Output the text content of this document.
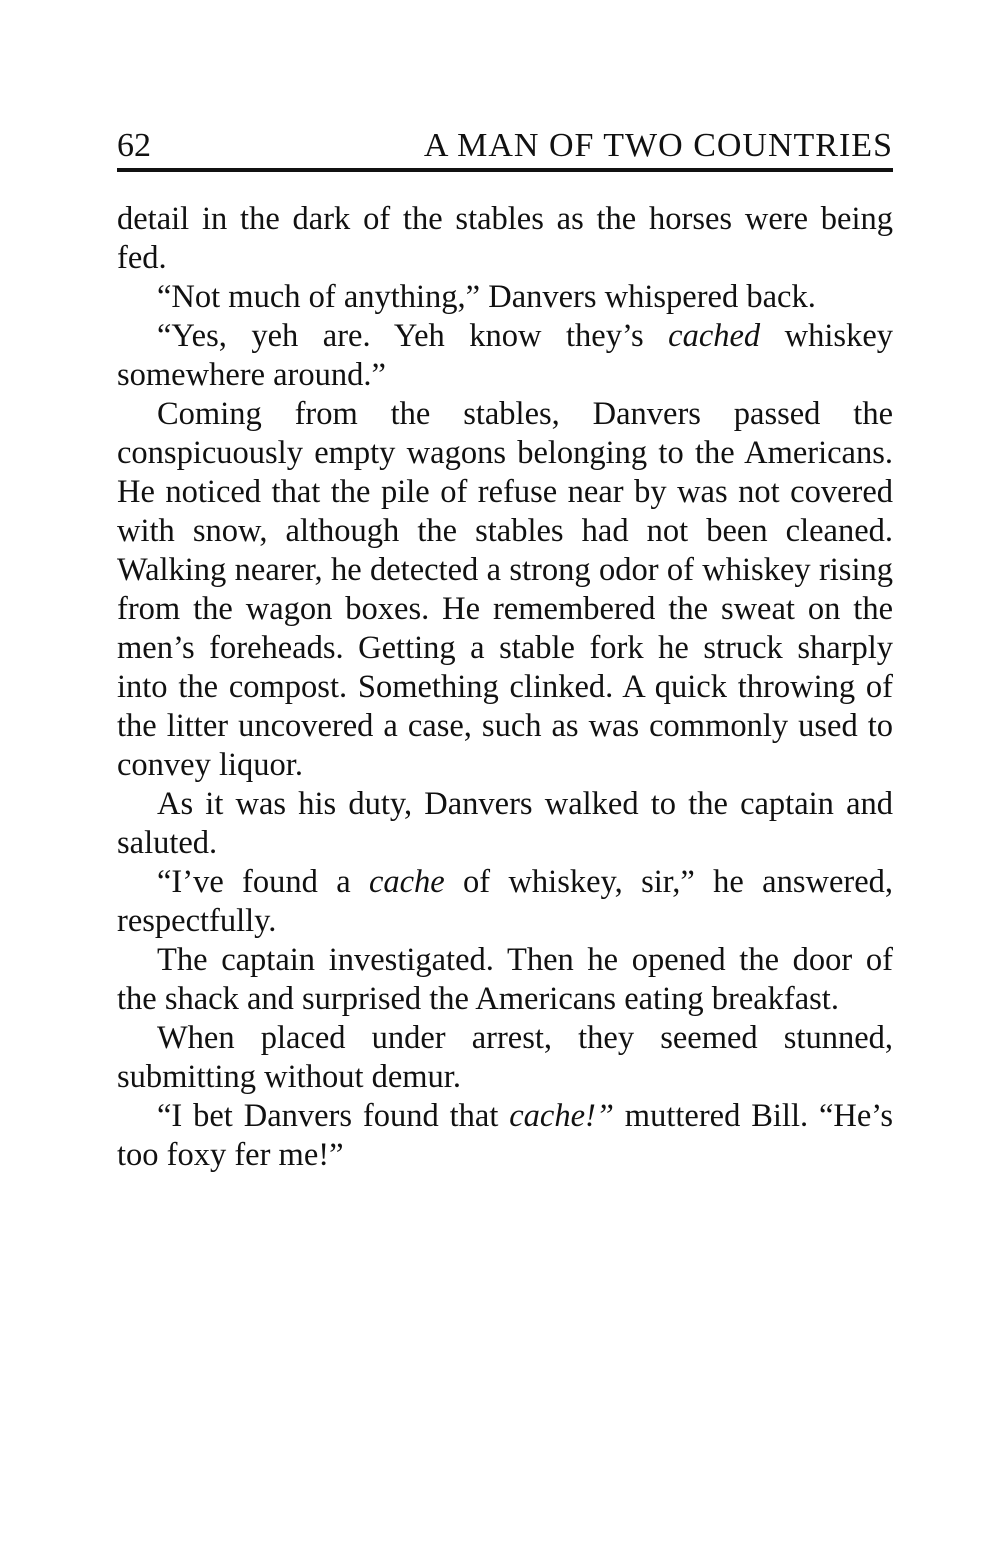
62	A MAN OF TWO COUNTRIES

detail in the dark of the stables as the horses were being fed.

“Not much of anything,” Danvers whispered back.

“Yes, yeh are. Yeh know they’s cached whiskey somewhere around.”

Coming from the stables, Danvers passed the conspicuously empty wagons belonging to the Americans. He noticed that the pile of refuse near by was not covered with snow, although the stables had not been cleaned. Walking nearer, he detected a strong odor of whiskey rising from the wagon boxes. He remembered the sweat on the men’s foreheads. Getting a stable fork he struck sharply into the compost. Something clinked. A quick throwing of the litter uncovered a case, such as was commonly used to convey liquor.

As it was his duty, Danvers walked to the captain and saluted.

“I’ve found a cache of whiskey, sir,” he answered, respectfully.

The captain investigated. Then he opened the door of the shack and surprised the Americans eating breakfast.

When placed under arrest, they seemed stunned, submitting without demur.

“I bet Danvers found that cache!” muttered Bill. “He’s too foxy fer me!”
